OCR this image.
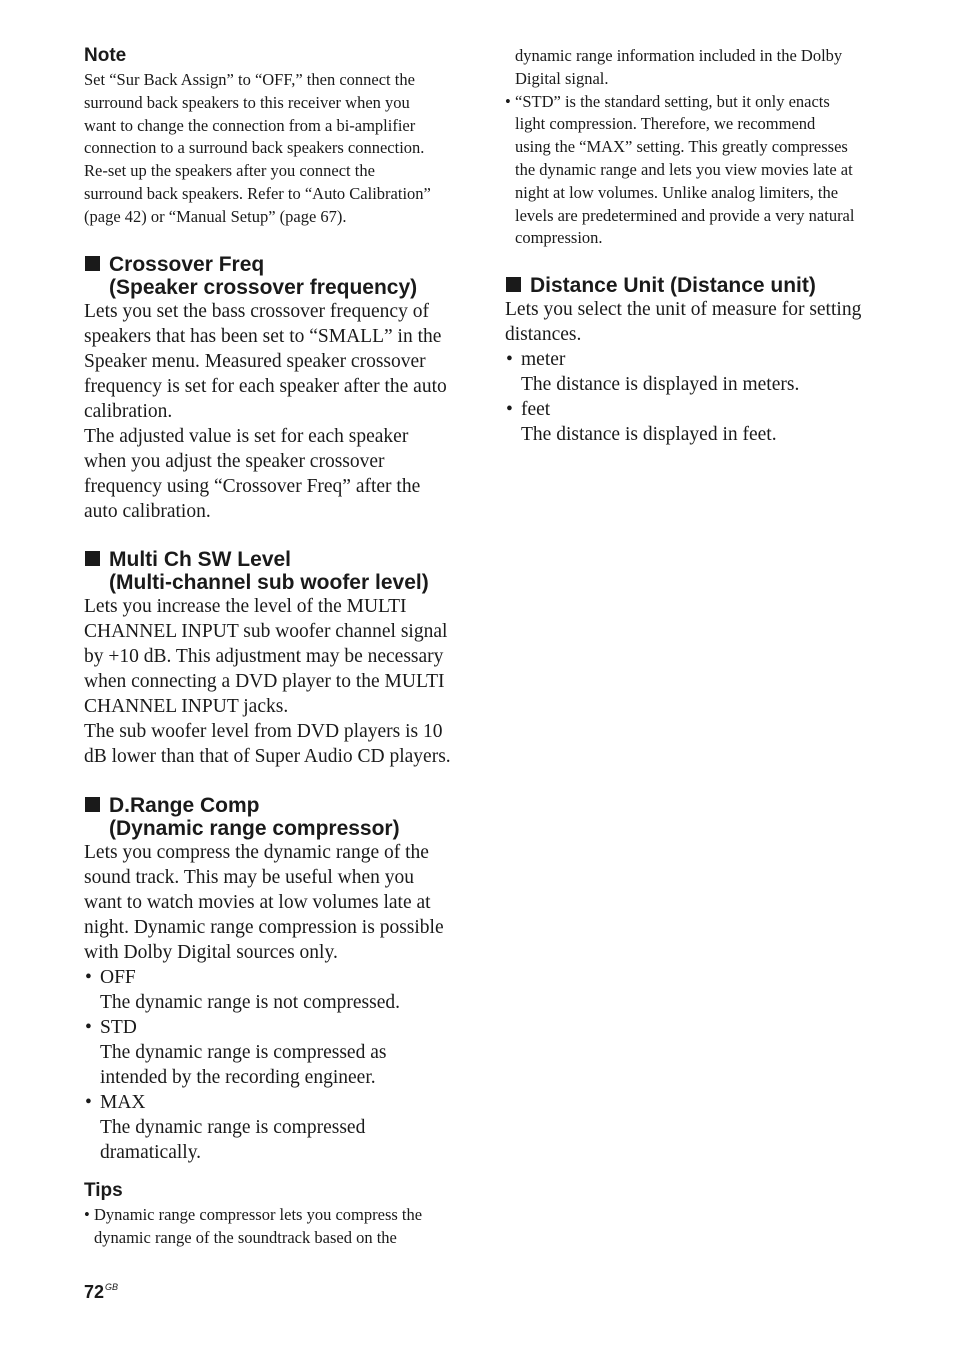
Note

Set “Sur Back Assign” to “OFF,” then connect the

surround back speakers to this receiver when you

want to change the connection from a bi-amplifier

connection to a surround back speakers connection.

Re-set up the speakers after you connect the

surround back speakers. Refer to “Auto Calibration”

(page 42) or “Manual Setup” (page 67).

Crossover Freq
(Speaker crossover frequency)

Lets you set the bass crossover frequency of

speakers that has been set to “SMALL” in the

Speaker menu. Measured speaker crossover

frequency is set for each speaker after the auto

calibration.

The adjusted value is set for each speaker

when you adjust the speaker crossover

frequency using “Crossover Freq” after the

auto calibration.

Multi Ch SW Level
(Multi-channel sub woofer level)

Lets you increase the level of the MULTI

CHANNEL INPUT sub woofer channel signal

by +10 dB. This adjustment may be necessary

when connecting a DVD player to the MULTI

CHANNEL INPUT jacks.

The sub woofer level from DVD players is 10

dB lower than that of Super Audio CD players.

D.Range Comp
(Dynamic range compressor)

Lets you compress the dynamic range of the

sound track. This may be useful when you

want to watch movies at low volumes late at

night. Dynamic range compression is possible

with Dolby Digital sources only.

• OFF

The dynamic range is not compressed.

• STD

The dynamic range is compressed as

intended by the recording engineer.

• MAX

The dynamic range is compressed

dramatically.

Tips

• Dynamic range compressor lets you compress the

dynamic range of the soundtrack based on the

$72^{GB}$

dynamic range information included in the Dolby

Digital signal.

• “STD” is the standard setting, but it only enacts

light compression. Therefore, we recommend

using the “MAX” setting. This greatly compresses

the dynamic range and lets you view movies late at

night at low volumes. Unlike analog limiters, the

levels are predetermined and provide a very natural

compression.

Distance Unit (Distance unit)

Lets you select the unit of measure for setting

distances.

• meter

The distance is displayed in meters.

• feet

The distance is displayed in feet.
